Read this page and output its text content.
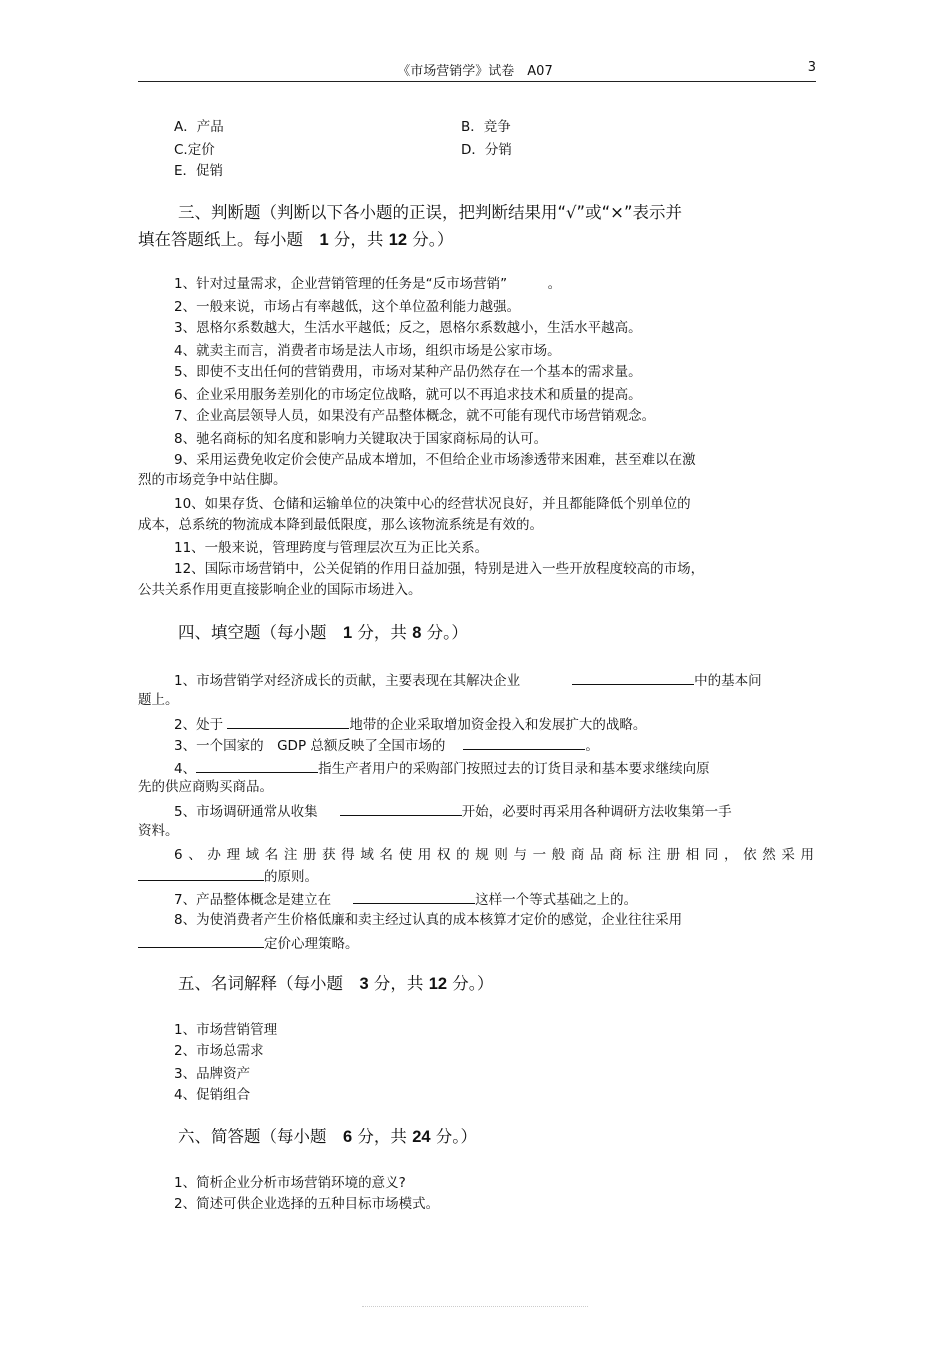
《市场营销学》试卷　A07	3
A．产品	B．竞争
C.定价	D．分销
E．促销
三、判断题（判断以下各小题的正误，把判断结果用“√”或“×”表示并
填在答题纸上。每小题　1 分，共 12 分。）
1、针对过量需求，企业营销管理的任务是“反市场营销”　　　。
2、一般来说，市场占有率越低，这个单位盈利能力越强。
3、恩格尔系数越大，生活水平越低；反之，恩格尔系数越小，生活水平越高。
4、就卖主而言，消费者市场是法人市场，组织市场是公家市场。
5、即使不支出任何的营销费用，市场对某种产品仍然存在一个基本的需求量。
6、企业采用服务差别化的市场定位战略，就可以不再追求技术和质量的提高。
7、企业高层领导人员，如果没有产品整体概念，就不可能有现代市场营销观念。
8、驰名商标的知名度和影响力关键取决于国家商标局的认可。
9、采用运费免收定价会使产品成本增加，不但给企业市场渗透带来困难，甚至难以在激
烈的市场竞争中站住脚。
10、如果存货、仓储和运输单位的决策中心的经营状况良好，并且都能降低个别单位的
成本，总系统的物流成本降到最低限度，那么该物流系统是有效的。
11、一般来说，管理跨度与管理层次互为正比关系。
12、国际市场营销中，公关促销的作用日益加强，特别是进入一些开放程度较高的市场，
公共关系作用更直接影响企业的国际市场进入。
四、填空题（每小题　1 分，共 8 分。）
1、市场营销学对经济成长的贡献，主要表现在其解决企业	中的基本问
题上。
2、处于	地带的企业采取增加资金投入和发展扩大的战略。
3、一个国家的　GDP 总额反映了全国市场的	。
4、	指生产者用户的采购部门按照过去的订货目录和基本要求继续向原
先的供应商购买商品。
5、市场调研通常从收集	开始，必要时再采用各种调研方法收集第一手
资料。
6、办理域名注册获得域名使用权的规则与一般商品商标注册相同，依然采用
的原则。
7、产品整体概念是建立在	这样一个等式基础之上的。
8、为使消费者产生价格低廉和卖主经过认真的成本核算才定价的感觉，企业往往采用
定价心理策略。
五、名词解释（每小题　3 分，共 12 分。）
1、市场营销管理
2、市场总需求
3、品牌资产
4、促销组合
六、简答题（每小题　6 分，共 24 分。）
1、简析企业分析市场营销环境的意义?
2、简述可供企业选择的五种目标市场模式。
